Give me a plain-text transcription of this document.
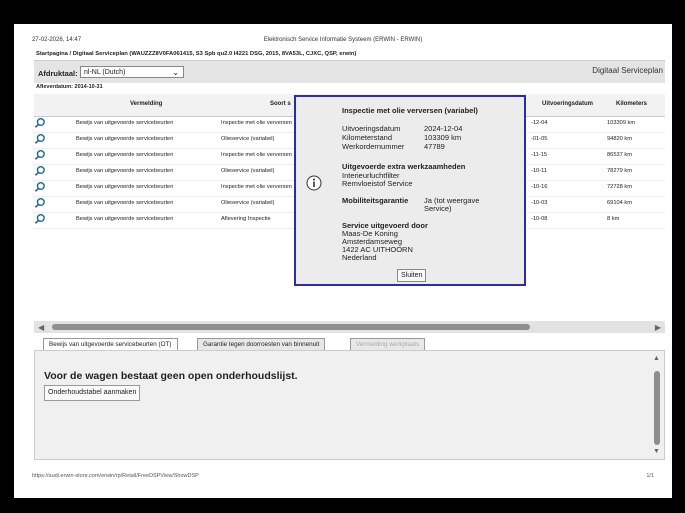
27-02-2026, 14:47	Elektronisch Service Informatie Systeem (ERWIN - ERWIN)
Startpagina / Digitaal Serviceplan (WAUZZZ8V0FA061415, S3 Spb qu2.0 I4221 DSG, 2015, 8VA53L, CJXC, QSP, erwin)
Afdruktaal: nl-NL (Dutch)	⌄	Digitaal Serviceplan
Afleverdatum: 2014-10-31
Vermelding	Soort s	Uitvoeringsdatum	Kilometers
Bewijs van uitgevoerde servicebeurten	Inspectie met olie verversen	-12-04	103309 km
Bewijs van uitgevoerde servicebeurten	Olieservice (variabel)	-01-05	94820 km
Bewijs van uitgevoerde servicebeurten	Inspectie met olie verversen	-11-15	86537 km
Bewijs van uitgevoerde servicebeurten	Olieservice (variabel)	-10-11	78279 km
Bewijs van uitgevoerde servicebeurten	Inspectie met olie verversen	-10-16	72728 km
Bewijs van uitgevoerde servicebeurten	Olieservice (variabel)	-10-03	69104 km
Bewijs van uitgevoerde servicebeurten	Aflevering Inspectie	-10-08	8 km
◀	▶
Bewijs van uitgevoerde servicebeurten (OT)	Garantie tegen doorroesten van binnenuit	Vermelding werkplaats
Voor de wagen bestaat geen open onderhoudslijst.
Onderhoudstabel aanmaken
▲
▼
https://audi.erwin-store.com/erwin/rp/Retail/FreeDSPView/ShowDSP	1/1
Inspectie met olie verversen (variabel)
Uitvoeringsdatum	2024-12-04
Kilometerstand	103309 km
Werkordernummer	47789
Uitgevoerde extra werkzaamheden
Interieurluchtfilter
Remvloeistof Service
Mobiliteitsgarantie Ja (tot weergave
Service)
Service uitgevoerd door
Maas-De Koning
Amsterdamseweg
1422 AC UITHOORN
Nederland
Sluiten
